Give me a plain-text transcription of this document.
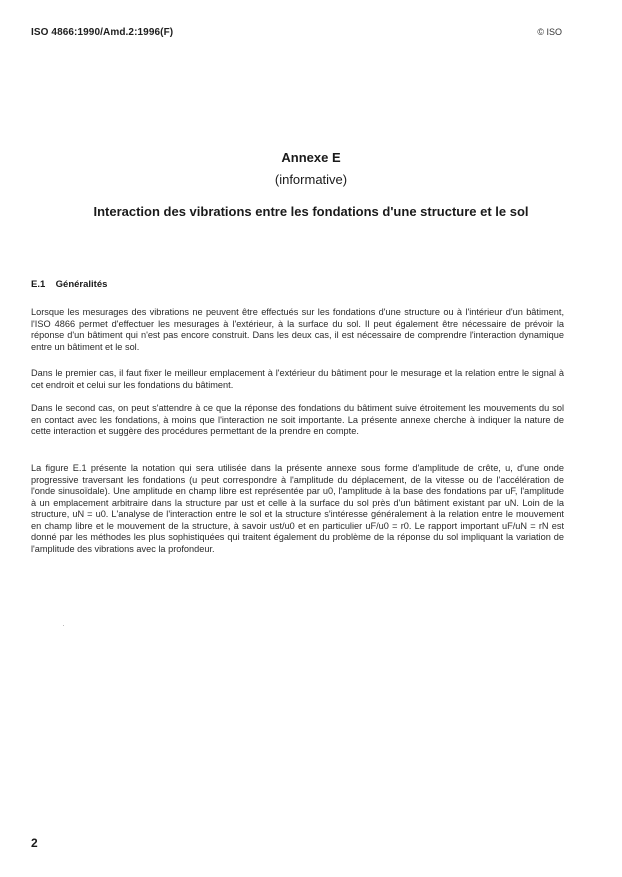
ISO 4866:1990/Amd.2:1996(F)	© ISO
Annexe E
(informative)
Interaction des vibrations entre les fondations d'une structure et le sol
E.1 Généralités

Lorsque les mesurages des vibrations ne peuvent être effectués sur les fondations d'une structure ou à l'intérieur d'un bâtiment, l'ISO 4866 permet d'effectuer les mesurages à l'extérieur, à la surface du sol. Il peut également être nécessaire de prévoir la réponse d'un bâtiment qui n'est pas encore construit. Dans les deux cas, il est nécessaire de comprendre l'interaction dynamique entre un bâtiment et le sol.

Dans le premier cas, il faut fixer le meilleur emplacement à l'extérieur du bâtiment pour le mesurage et la relation entre le signal à cet endroit et celui sur les fondations du bâtiment.

Dans le second cas, on peut s'attendre à ce que la réponse des fondations du bâtiment suive étroitement les mouvements du sol en contact avec les fondations, à moins que l'interaction ne soit importante. La présente annexe cherche à indiquer la nature de cette interaction et suggère des procédures permettant de la prendre en compte.

La figure E.1 présente la notation qui sera utilisée dans la présente annexe sous forme d'amplitude de crête, u, d'une onde progressive traversant les fondations (u peut correspondre à l'amplitude du déplacement, de la vitesse ou de l'accélération de l'onde sinusoïdale). Une amplitude en champ libre est représentée par u0, l'amplitude à la base des fondations par uF, l'amplitude à un emplacement arbitraire dans la structure par ust et celle à la surface du sol près d'un bâtiment existant par uN. Loin de la structure, uN = u0. L'analyse de l'interaction entre le sol et la structure s'intéresse généralement à la relation entre le mouvement en champ libre et le mouvement de la structure, à savoir ust/u0 et en particulier uF/u0 = r0. Le rapport important uF/uN = rN est donné par les méthodes les plus sophistiquées qui traitent également du problème de la réponse du sol impliquant la variation de l'amplitude des vibrations avec la profondeur.

2
